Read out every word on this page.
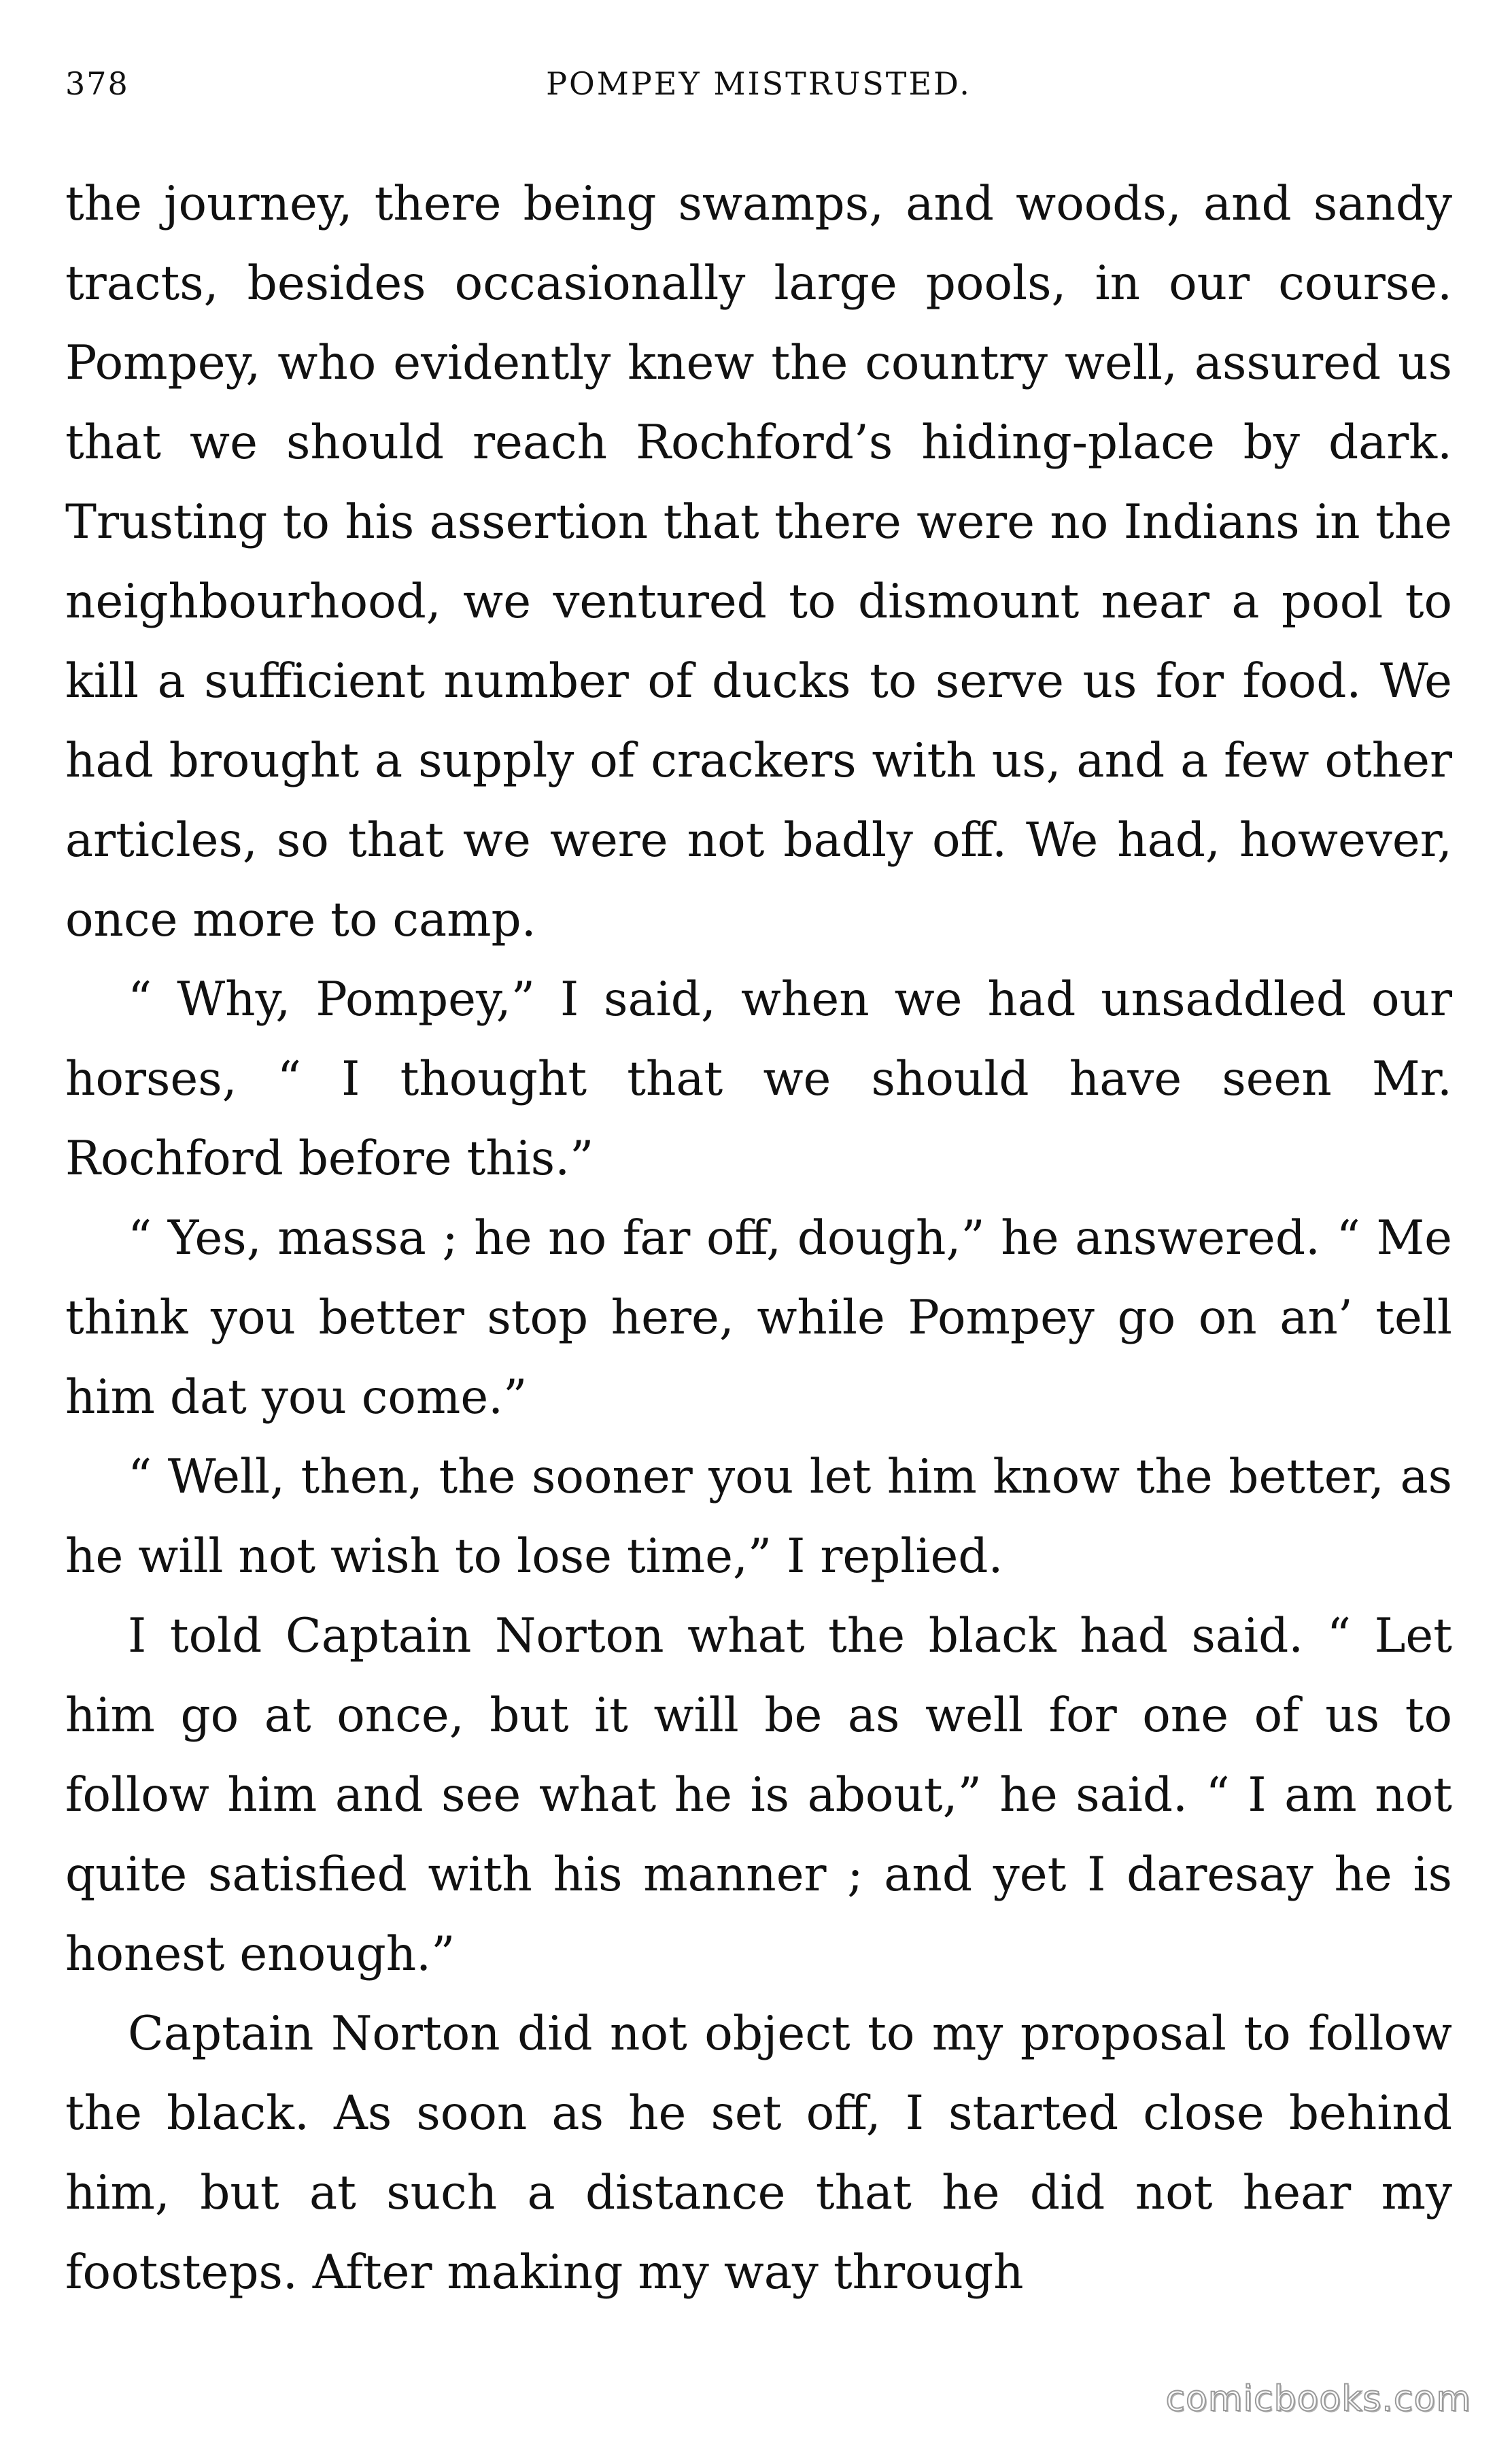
378	POMPEY MISTRUSTED.

the journey, there being swamps, and woods, and sandy tracts, besides occasionally large pools, in our course. Pompey, who evidently knew the country well, assured us that we should reach Rochford’s hiding-place by dark. Trusting to his assertion that there were no Indians in the neighbourhood, we ventured to dismount near a pool to kill a sufficient number of ducks to serve us for food. We had brought a supply of crackers with us, and a few other articles, so that we were not badly off. We had, however, once more to camp.

“ Why, Pompey,” I said, when we had unsaddled our horses, “ I thought that we should have seen Mr. Rochford before this.”

“ Yes, massa ; he no far off, dough,” he answered. “ Me think you better stop here, while Pompey go on an’ tell him dat you come.”

“ Well, then, the sooner you let him know the better, as he will not wish to lose time,” I replied.

I told Captain Norton what the black had said. “ Let him go at once, but it will be as well for one of us to follow him and see what he is about,” he said. “ I am not quite satisfied with his manner ; and yet I daresay he is honest enough.”

Captain Norton did not object to my proposal to follow the black. As soon as he set off, I started close behind him, but at such a distance that he did not hear my footsteps. After making my way through

comicbooks.com
